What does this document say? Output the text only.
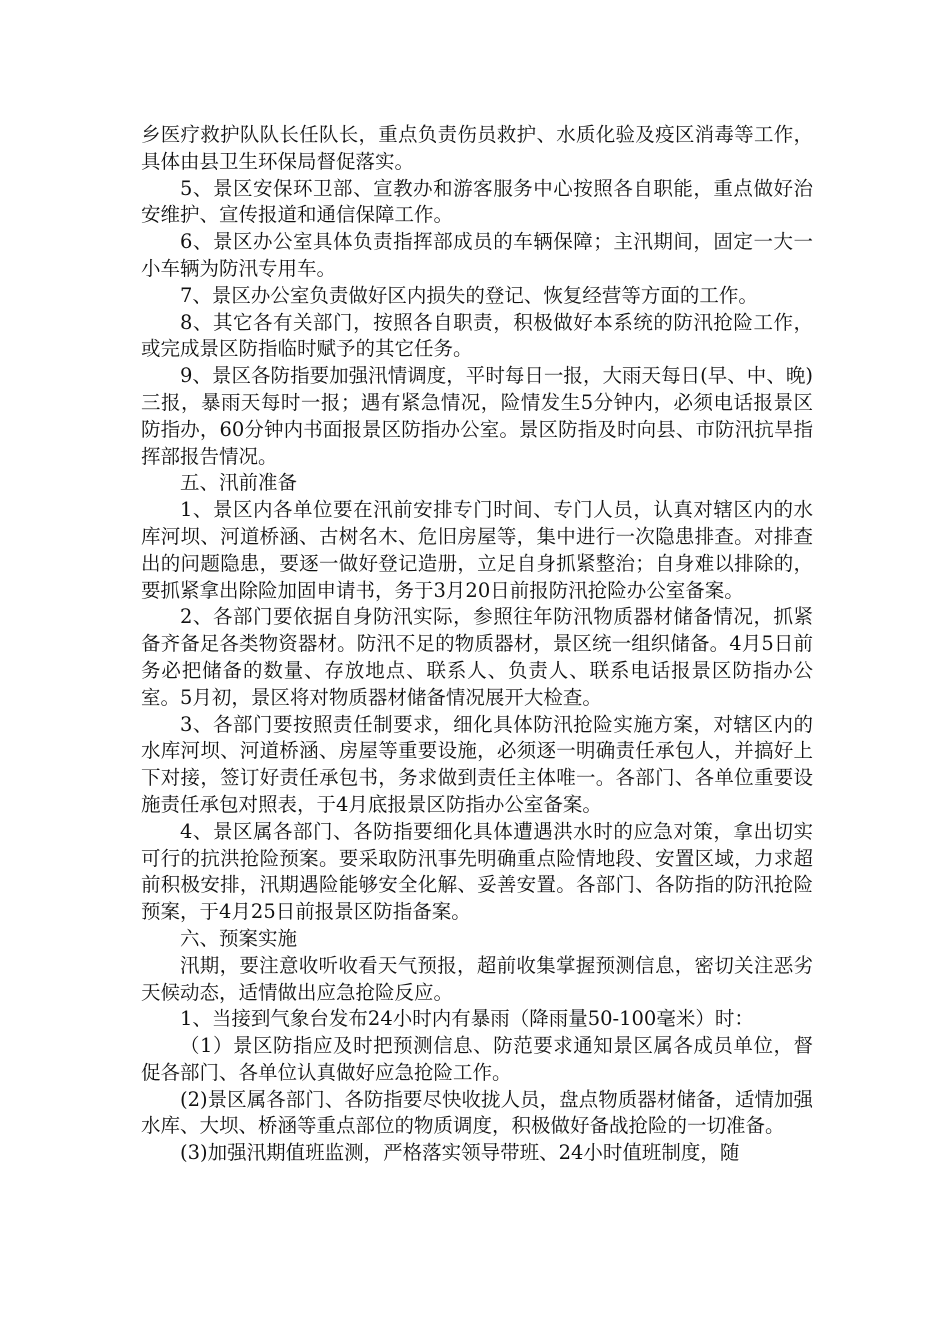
乡医疗救护队队长任队长，重点负责伤员救护、水质化验及疫区消毒等工作，具体由县卫生环保局督促落实。

5、景区安保环卫部、宣教办和游客服务中心按照各自职能，重点做好治安维护、宣传报道和通信保障工作。

6、景区办公室具体负责指挥部成员的车辆保障；主汛期间，固定一大一小车辆为防汛专用车。

7、景区办公室负责做好区内损失的登记、恢复经营等方面的工作。

8、其它各有关部门，按照各自职责，积极做好本系统的防汛抢险工作，或完成景区防指临时赋予的其它任务。

9、景区各防指要加强汛情调度，平时每日一报，大雨天每日(早、中、晚)三报，暴雨天每时一报；遇有紧急情况，险情发生5分钟内，必须电话报景区防指办，60分钟内书面报景区防指办公室。景区防指及时向县、市防汛抗旱指挥部报告情况。

五、汛前准备

1、景区内各单位要在汛前安排专门时间、专门人员，认真对辖区内的水库河坝、河道桥涵、古树名木、危旧房屋等，集中进行一次隐患排查。对排查出的问题隐患，要逐一做好登记造册，立足自身抓紧整治；自身难以排除的，要抓紧拿出除险加固申请书，务于3月20日前报防汛抢险办公室备案。

2、各部门要依据自身防汛实际，参照往年防汛物质器材储备情况，抓紧备齐备足各类物资器材。防汛不足的物质器材，景区统一组织储备。4月5日前务必把储备的数量、存放地点、联系人、负责人、联系电话报景区防指办公室。5月初，景区将对物质器材储备情况展开大检查。

3、各部门要按照责任制要求，细化具体防汛抢险实施方案，对辖区内的水库河坝、河道桥涵、房屋等重要设施，必须逐一明确责任承包人，并搞好上下对接，签订好责任承包书，务求做到责任主体唯一。各部门、各单位重要设施责任承包对照表，于4月底报景区防指办公室备案。

4、景区属各部门、各防指要细化具体遭遇洪水时的应急对策，拿出切实可行的抗洪抢险预案。要采取防汛事先明确重点险情地段、安置区域，力求超前积极安排，汛期遇险能够安全化解、妥善安置。各部门、各防指的防汛抢险预案，于4月25日前报景区防指备案。

六、预案实施

汛期，要注意收听收看天气预报，超前收集掌握预测信息，密切关注恶劣天候动态，适情做出应急抢险反应。

1、当接到气象台发布24小时内有暴雨（降雨量50-100毫米）时：

（1）景区防指应及时把预测信息、防范要求通知景区属各成员单位，督促各部门、各单位认真做好应急抢险工作。

(2)景区属各部门、各防指要尽快收拢人员，盘点物质器材储备，适情加强水库、大坝、桥涵等重点部位的物质调度，积极做好备战抢险的一切准备。

(3)加强汛期值班监测，严格落实领导带班、24小时值班制度，随
